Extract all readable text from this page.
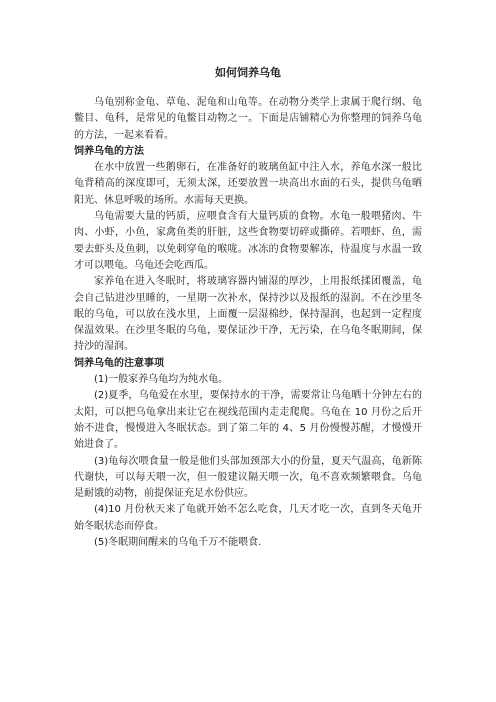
如何饲养乌龟

乌龟别称金龟、草龟、泥龟和山龟等。在动物分类学上隶属于爬行纲、龟鳖目、龟科，是常见的龟鳖目动物之一。下面是店铺精心为你整理的饲养乌龟的方法，一起来看看。

饲养乌龟的方法

在水中放置一些鹅卵石，在准备好的玻璃鱼缸中注入水，养龟水深一般比龟背稍高的深度即可，无须太深，还要放置一块高出水面的石头，提供乌龟晒阳光、休息呼吸的场所。水需每天更换。

乌龟需要大量的钙质，应喂食含有大量钙质的食物。水龟一般喂猪肉、牛肉、小虾，小鱼，家禽鱼类的肝脏，这些食物要切碎或撕碎。若喂虾、鱼，需要去虾头及鱼刺，以免刺穿龟的喉咙。冰冻的食物要解冻，待温度与水温一致才可以喂龟。乌龟还会吃西瓜。

家养龟在进入冬眠时，将玻璃容器内铺湿的厚沙，上用报纸揉团覆盖，龟会自己钻进沙里睡的，一星期一次补水，保持沙以及报纸的湿润。不在沙里冬眠的乌龟，可以放在浅水里，上面覆一层湿棉纱，保持湿润，也起到一定程度保温效果。在沙里冬眠的乌龟，要保证沙干净，无污染，在乌龟冬眠期间，保持沙的湿润。

饲养乌龟的注意事项

(1)一般家养乌龟均为纯水龟。

(2)夏季，乌龟爱在水里，要保持水的干净，需要常让乌龟晒十分钟左右的太阳，可以把乌龟拿出来让它在视线范围内走走爬爬。乌龟在 10 月份之后开始不进食，慢慢进入冬眠状态。到了第二年的 4、5 月份慢慢苏醒，才慢慢开始进食了。

(3)龟每次喂食量一般是他们头部加颈部大小的份量，夏天气温高，龟新陈代谢快，可以每天喂一次，但一般建议隔天喂一次，龟不喜欢频繁喂食。乌龟是耐饿的动物，前提保证充足水份供应。

(4)10 月份秋天来了龟就开始不怎么吃食，几天才吃一次，直到冬天龟开始冬眠状态而停食。

(5)冬眠期间醒来的乌龟千万不能喂食.
